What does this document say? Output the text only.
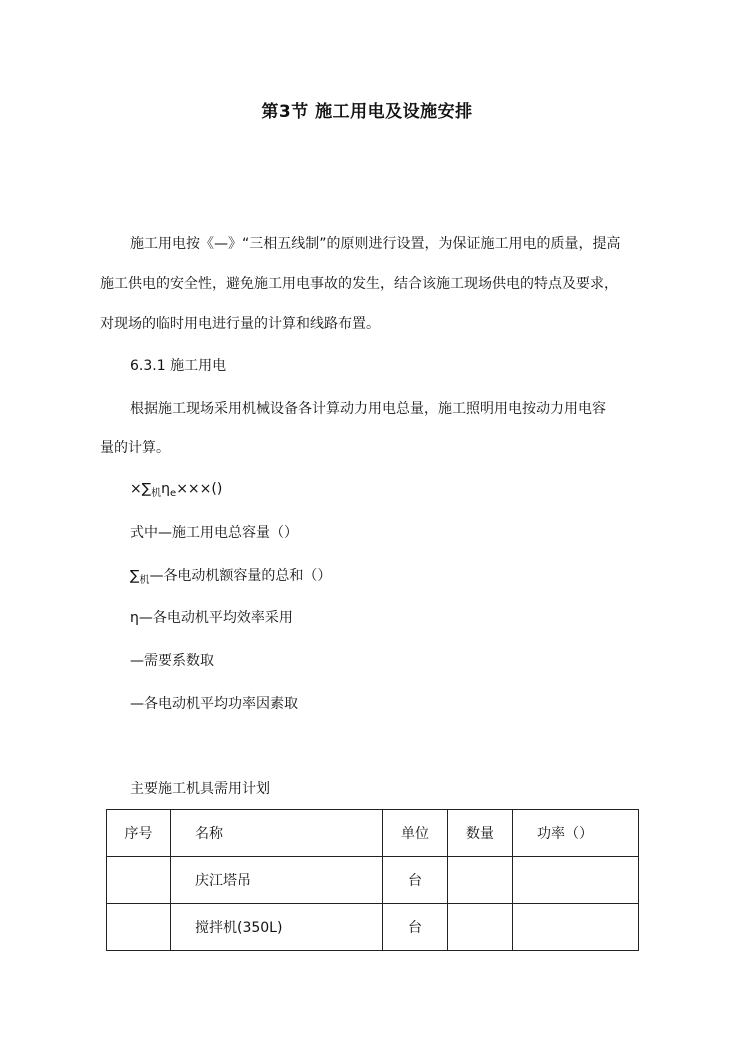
第3节 施工用电及设施安排
施工用电按《—》“三相五线制”的原则进行设置，为保证施工用电的质量，提高
施工供电的安全性，避免施工用电事故的发生，结合该施工现场供电的特点及要求，
对现场的临时用电进行量的计算和线路布置。
6.3.1 施工用电
根据施工现场采用机械设备各计算动力用电总量，施工照明用电按动力用电容
量的计算。
$\times\sum_机\eta_e\times\times\times()$
式中—施工用电总容量（）
$\sum_机—$各电动机额容量的总和（）
η—各电动机平均效率采用
—需要系数取
—各电动机平均功率因素取
主要施工机具需用计划
序号	名称	单位	数量	功率（）
	庆江塔吊	台		
	搅拌机(350L)	台		
